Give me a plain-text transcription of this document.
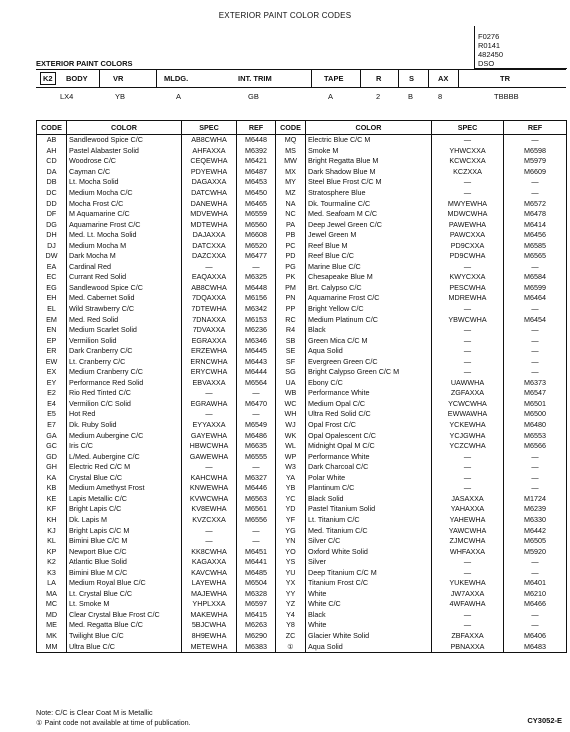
EXTERIOR PAINT COLOR CODES
F0276
R0141
482450
DSO
EXTERIOR PAINT COLORS
K2	BODY	VR	MLDG.	INT. TRIM	TAPE	R	S	AX	TR
LX4	YB	A	GB	A	2	B	8	TBBBB
CODE	COLOR	SPEC	REF	CODE	COLOR	SPEC	REF
AB	Sandlewood Spice C/C	AB8CWHA	M6448	MQ	Electric Blue C/C M	—	—
AH	Pastel Alabaster Solid	AHFAXXA	M6392	MS	Smoke M	YHWCXXA	M6598
CD	Woodrose C/C	CEQEWHA	M6421	MW	Bright Regatta Blue M	KCWCXXA	M5979
DA	Cayman C/C	PDYEWHA	M6487	MX	Dark Shadow Blue M	KCZXXA	M6609
DB	Lt. Mocha Solid	DAGAXXA	M6453	MY	Steel Blue Frost C/C M	—	—
DC	Medium Mocha C/C	DATCWHA	M6450	MZ	Stratosphere Blue	—	—
DD	Mocha Frost C/C	DANEWHA	M6465	NA	Dk. Tourmaline C/C	MWYEWHA	M6572
DF	M Aquamarine C/C	MDVEWHA	M6559	NC	Med. Seafoam M C/C	MDWCWHA	M6478
DG	Aquamarine Frost C/C	MDTEWHA	M6560	PA	Deep Jewel Green C/C	PAWEWHA	M6414
DH	Med. Lt. Mocha Solid	DAJAXXA	M6608	PB	Jewel Green M	PAWCXXA	M6456
DJ	Medium Mocha M	DATCXXA	M6520	PC	Reef Blue M	PD9CXXA	M6585
DW	Dark Mocha M	DAZCXXA	M6477	PD	Reef Blue C/C	PD9CWHA	M6565
EA	Cardinal Red	—	—	PG	Marine Blue C/C	—	—
EC	Currant Red Solid	EAQAXXA	M6325	PK	Chesapeake Blue M	KWYCXXA	M6584
EG	Sandlewood Spice C/C	AB8CWHA	M6448	PM	Brt. Calypso C/C	PESCWHA	M6599
EH	Med. Cabernet Solid	7DQAXXA	M6156	PN	Aquamarine Frost C/C	MDREWHA	M6464
EL	Wild Strawberry C/C	7DTEWHA	M6342	PP	Bright Yellow C/C	—	—
EM	Med. Red Solid	7DNAXXA	M6153	RC	Medium Platinum C/C	YBWCWHA	M6454
EN	Medium Scarlet Solid	7DVAXXA	M6236	R4	Black	—	—
EP	Vermilion Solid	EGRAXXA	M6346	SB	Green Mica C/C M	—	—
ER	Dark Cranberry C/C	ERZEWHA	M6445	SE	Aqua Solid	—	—
EW	Lt. Cranberry C/C	ERNCWHA	M6443	SF	Evergreen Green C/C	—	—
EX	Medium Cranberry C/C	ERYCWHA	M6444	SG	Bright Calypso Green C/C M	—	—
EY	Performance Red Solid	EBVAXXA	M6564	UA	Ebony C/C	UAWWHA	M6373
E2	Rio Red Tinted C/C	—	—	WB	Performance White	ZGFAXXA	M6547
E4	Vermilion C/C Solid	EGRAWHA	M6470	WC	Medium Opal C/C	YCWCWHA	M6501
E5	Hot Red	—	—	WH	Ultra Red Solid C/C	EWWAWHA	M6500
E7	Dk. Ruby Solid	EYYAXXA	M6549	WJ	Opal Frost C/C	YCKEWHA	M6480
GA	Medium Aubergine C/C	GAYEWHA	M6486	WK	Opal Opalescent C/C	YCJGWHA	M6553
GC	Iris C/C	HBWCWHA	M6635	WL	Midnight Opal M C/C	YCZCWHA	M6566
GD	L/Med. Aubergine C/C	GAWEWHA	M6555	WP	Performance White	—	—
GH	Electric Red C/C M	—	—	W3	Dark Charcoal C/C	—	—
KA	Crystal Blue C/C	KAHCWHA	M6327	YA	Polar White	—	—
KB	Medium Amethyst Frost	KNWEWHA	M6446	YB	Plantinum C/C	—	—
KE	Lapis Metallic C/C	KVWCWHA	M6563	YC	Black Solid	JASAXXA	M1724
KF	Bright Lapis C/C	KV8EWHA	M6561	YD	Pastel Titanium Solid	YAHAXXA	M6239
KH	Dk. Lapis M	KVZCXXA	M6556	YF	Lt. Titanium C/C	YAHEWHA	M6330
KJ	Bright Lapis C/C M	—	—	YG	Med. Titanium C/C	YAWCWHA	M6442
KL	Bimini Blue C/C M	—	—	YN	Silver C/C	ZJMCWHA	M6505
KP	Newport Blue C/C	KK8CWHA	M6451	YO	Oxford White Solid	WHFAXXA	M5920
K2	Atlantic Blue Solid	KAGAXXA	M6441	YS	Silver	—	—
K3	Bimini Blue M C/C	KAVCWHA	M6485	YU	Deep Titanium C/C M	—	—
LA	Medium Royal Blue C/C	LAYEWHA	M6504	YX	Titanium Frost C/C	YUKEWHA	M6401
MA	Lt. Crystal Blue C/C	MAJEWHA	M6328	YY	White	JW7AXXA	M6210
MC	Lt. Smoke M	YHPLXXA	M6597	YZ	White C/C	4WFAWHA	M6466
MD	Clear Crystal Blue Frost C/C	MAKEWHA	M6415	Y4	Black	—	—
ME	Med. Regatta Blue C/C	5BJCWHA	M6263	Y8	White	—	—
MK	Twilight Blue C/C	8H9EWHA	M6290	ZC	Glacier White Solid	ZBFAXXA	M6406
MM	Ultra Blue C/C	METEWHA	M6383	①	Aqua Solid	PBNAXXA	M6483
Note: C/C is Clear Coat M is Metallic
① Paint code not available at time of publication.	CY3052-E
